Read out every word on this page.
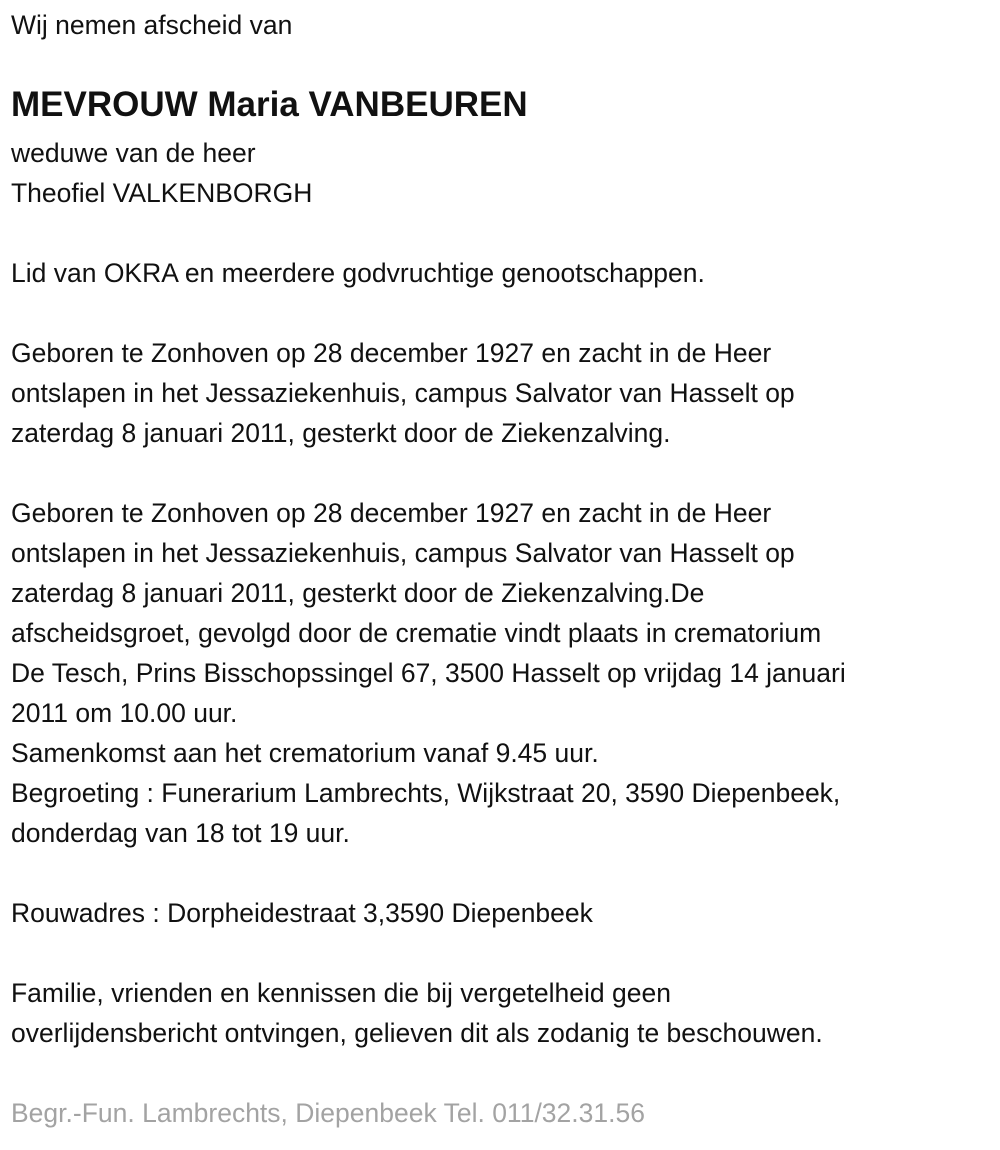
Wij nemen afscheid van
MEVROUW Maria VANBEUREN
weduwe van de heer
Theofiel VALKENBORGH
Lid van OKRA en meerdere godvruchtige genootschappen.
Geboren te Zonhoven op 28 december 1927 en zacht in de Heer
ontslapen in het Jessaziekenhuis, campus Salvator van Hasselt op
zaterdag 8 januari 2011, gesterkt door de Ziekenzalving.
Geboren te Zonhoven op 28 december 1927 en zacht in de Heer
ontslapen in het Jessaziekenhuis, campus Salvator van Hasselt op
zaterdag 8 januari 2011, gesterkt door de Ziekenzalving.De
afscheidsgroet, gevolgd door de crematie vindt plaats in crematorium
De Tesch, Prins Bisschopssingel 67, 3500 Hasselt op vrijdag 14 januari
2011 om 10.00 uur.
Samenkomst aan het crematorium vanaf 9.45 uur.
Begroeting : Funerarium Lambrechts, Wijkstraat 20, 3590 Diepenbeek,
donderdag van 18 tot 19 uur.
Rouwadres : Dorpheidestraat 3,3590 Diepenbeek
Familie, vrienden en kennissen die bij vergetelheid geen
overlijdensbericht ontvingen, gelieven dit als zodanig te beschouwen.
Begr.-Fun. Lambrechts, Diepenbeek Tel. 011/32.31.56
